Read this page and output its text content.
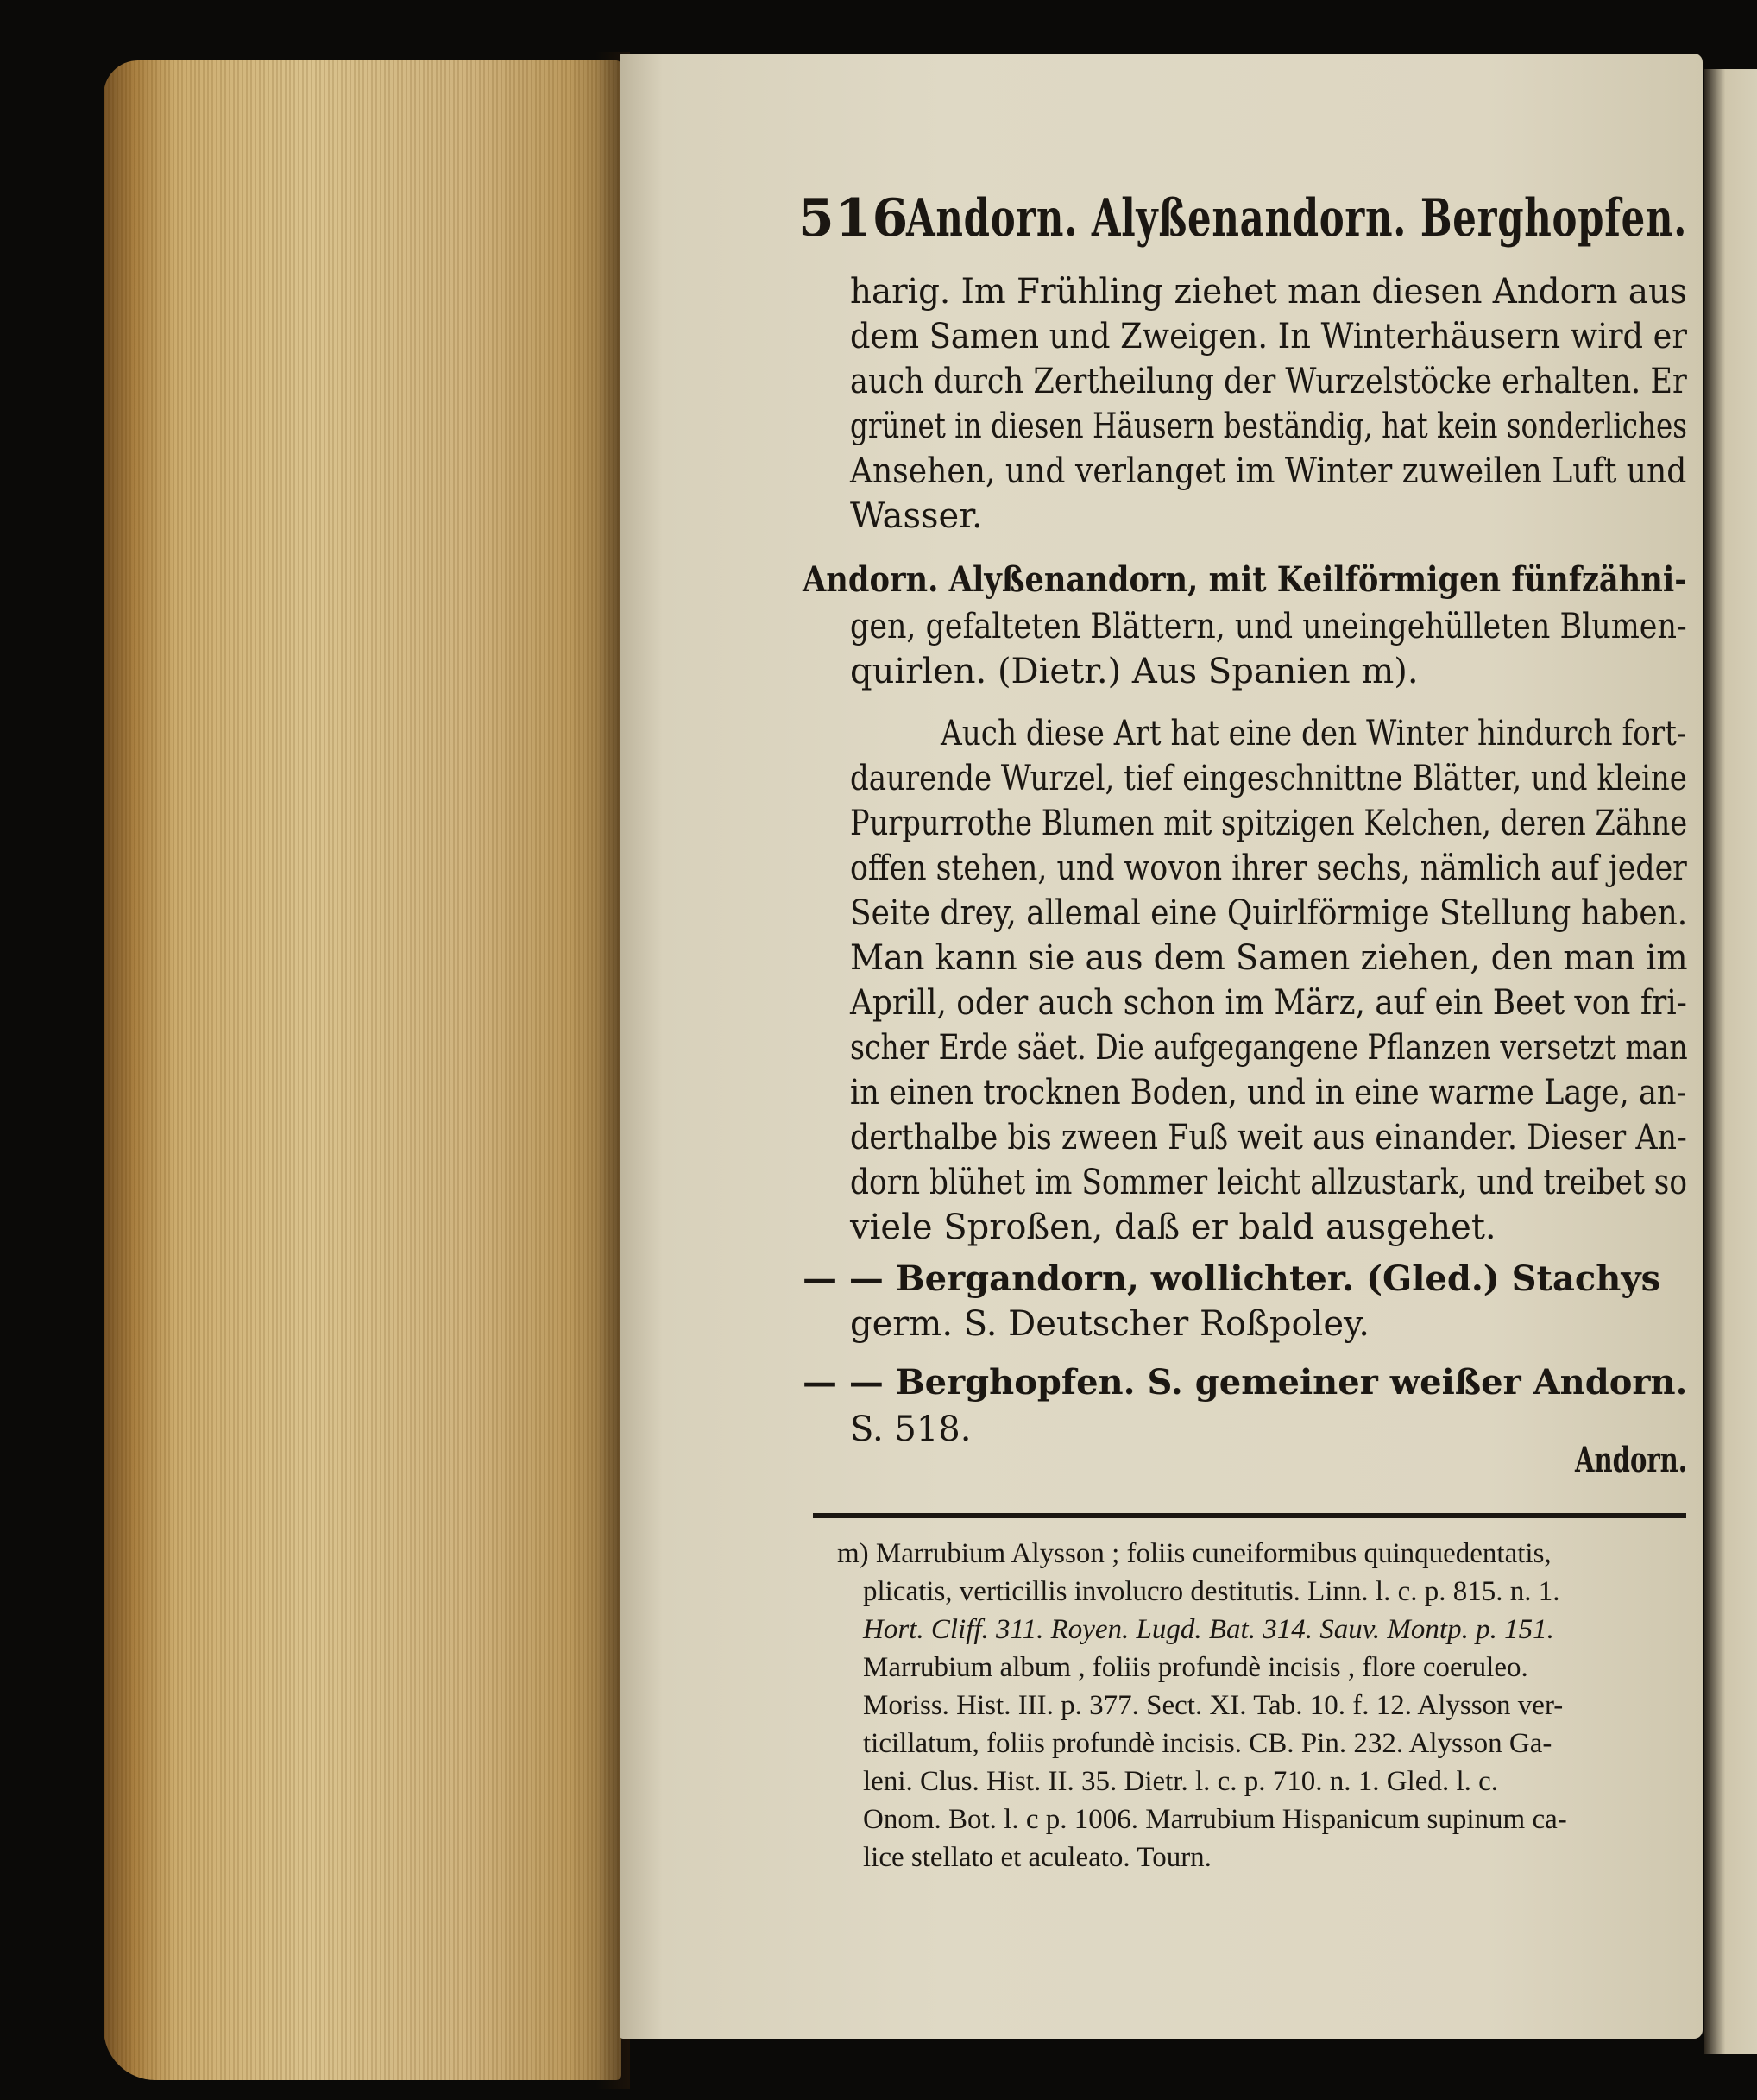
516
Andorn. Alyßenandorn. Berghopfen.
harig. Im Frühling ziehet man diesen Andorn aus
dem Samen und Zweigen. In Winterhäusern wird er
auch durch Zertheilung der Wurzelstöcke erhalten. Er
grünet in diesen Häusern beständig, hat kein sonderliches
Ansehen, und verlanget im Winter zuweilen Luft und
Wasser.
Andorn. Alyßenandorn, mit Keilförmigen fünfzähni-
gen, gefalteten Blättern, und uneingehülleten Blumen-
quirlen. (Dietr.) Aus Spanien m).
Auch diese Art hat eine den Winter hindurch fort-
daurende Wurzel, tief eingeschnittne Blätter, und kleine
Purpurrothe Blumen mit spitzigen Kelchen, deren Zähne
offen stehen, und wovon ihrer sechs, nämlich auf jeder
Seite drey, allemal eine Quirlförmige Stellung haben.
Man kann sie aus dem Samen ziehen, den man im
Aprill, oder auch schon im März, auf ein Beet von fri-
scher Erde säet. Die aufgegangene Pflanzen versetzt man
in einen trocknen Boden, und in eine warme Lage, an-
derthalbe bis zween Fuß weit aus einander. Dieser An-
dorn blühet im Sommer leicht allzustark, und treibet so
viele Sproßen, daß er bald ausgehet.
— — Bergandorn, wollichter. (Gled.) Stachys
germ. S. Deutscher Roßpoley.
— — Berghopfen. S. gemeiner weißer Andorn.
S. 518.
Andorn.
m) Marrubium Alysson ; foliis cuneiformibus quinquedentatis,
plicatis, verticillis involucro destitutis. Linn. l. c. p. 815. n. 1.
Hort. Cliff. 311. Royen. Lugd. Bat. 314. Sauv. Montp. p. 151.
Marrubium album , foliis profundè incisis , flore coeruleo.
Moriss. Hist. III. p. 377. Sect. XI. Tab. 10. f. 12. Alysson ver-
ticillatum, foliis profundè incisis. CB. Pin. 232. Alysson Ga-
leni. Clus. Hist. II. 35. Dietr. l. c. p. 710. n. 1. Gled. l. c.
Onom. Bot. l. c p. 1006. Marrubium Hispanicum supinum ca-
lice stellato et aculeato. Tourn.
